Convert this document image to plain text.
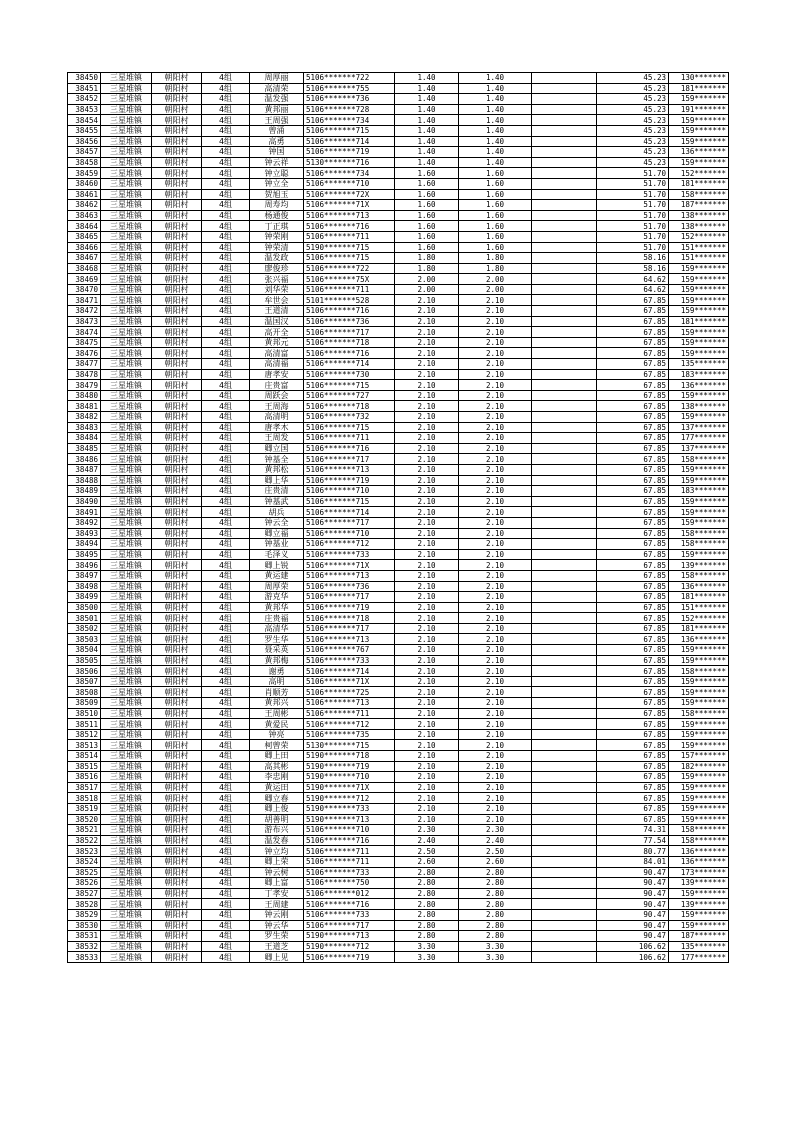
38450	三星堆镇	朝阳村	4组	周厚丽	5106*******722	1.40	1.40		45.23	130*******
38451	三星堆镇	朝阳村	4组	高清荣	5106*******755	1.40	1.40		45.23	181*******
38452	三星堆镇	朝阳村	4组	温发强	5106*******736	1.40	1.40		45.23	159*******
38453	三星堆镇	朝阳村	4组	黄邦丽	5106*******728	1.40	1.40		45.23	191*******
38454	三星堆镇	朝阳村	4组	王周强	5106*******734	1.40	1.40		45.23	159*******
38455	三星堆镇	朝阳村	4组	曾涌	5106*******715	1.40	1.40		45.23	159*******
38456	三星堆镇	朝阳村	4组	高勇	5106*******714	1.40	1.40		45.23	159*******
38457	三星堆镇	朝阳村	4组	钟国	5106*******719	1.40	1.40		45.23	136*******
38458	三星堆镇	朝阳村	4组	钟云祥	5130*******716	1.40	1.40		45.23	159*******
38459	三星堆镇	朝阳村	4组	钟立聪	5106*******734	1.60	1.60		51.70	152*******
38460	三星堆镇	朝阳村	4组	钟立全	5106*******710	1.60	1.60		51.70	181*******
38461	三星堆镇	朝阳村	4组	贺旭玉	5106*******72X	1.60	1.60		51.70	158*******
38462	三星堆镇	朝阳村	4组	周寿均	5106*******71X	1.60	1.60		51.70	187*******
38463	三星堆镇	朝阳村	4组	杨通俊	5106*******713	1.60	1.60		51.70	138*******
38464	三星堆镇	朝阳村	4组	丁正琪	5106*******716	1.60	1.60		51.70	138*******
38465	三星堆镇	朝阳村	4组	钟荣刚	5106*******711	1.60	1.60		51.70	152*******
38466	三星堆镇	朝阳村	4组	钟荣清	5190*******715	1.60	1.60		51.70	151*******
38467	三星堆镇	朝阳村	4组	温发政	5106*******715	1.80	1.80		58.16	151*******
38468	三星堆镇	朝阳村	4组	廖俊珍	5106*******722	1.80	1.80		58.16	159*******
38469	三星堆镇	朝阳村	4组	张兴福	5106*******75X	2.00	2.00		64.62	159*******
38470	三星堆镇	朝阳村	4组	刘华荣	5106*******711	2.00	2.00		64.62	159*******
38471	三星堆镇	朝阳村	4组	牟世会	5101*******528	2.10	2.10		67.85	159*******
38472	三星堆镇	朝阳村	4组	王道清	5106*******716	2.10	2.10		67.85	159*******
38473	三星堆镇	朝阳村	4组	温国汉	5106*******736	2.10	2.10		67.85	181*******
38474	三星堆镇	朝阳村	4组	高开全	5106*******717	2.10	2.10		67.85	159*******
38475	三星堆镇	朝阳村	4组	黄邦元	5106*******718	2.10	2.10		67.85	159*******
38476	三星堆镇	朝阳村	4组	高清富	5106*******716	2.10	2.10		67.85	159*******
38477	三星堆镇	朝阳村	4组	高清福	5106*******714	2.10	2.10		67.85	135*******
38478	三星堆镇	朝阳村	4组	唐孝安	5106*******730	2.10	2.10		67.85	183*******
38479	三星堆镇	朝阳村	4组	庄贵富	5106*******715	2.10	2.10		67.85	136*******
38480	三星堆镇	朝阳村	4组	周跃会	5106*******727	2.10	2.10		67.85	159*******
38481	三星堆镇	朝阳村	4组	王周海	5106*******718	2.10	2.10		67.85	138*******
38482	三星堆镇	朝阳村	4组	高清明	5106*******732	2.10	2.10		67.85	159*******
38483	三星堆镇	朝阳村	4组	唐孝木	5106*******715	2.10	2.10		67.85	137*******
38484	三星堆镇	朝阳村	4组	王周发	5106*******711	2.10	2.10		67.85	177*******
38485	三星堆镇	朝阳村	4组	卿立国	5106*******716	2.10	2.10		67.85	137*******
38486	三星堆镇	朝阳村	4组	钟基全	5106*******717	2.10	2.10		67.85	158*******
38487	三星堆镇	朝阳村	4组	黄邦松	5106*******713	2.10	2.10		67.85	159*******
38488	三星堆镇	朝阳村	4组	卿上华	5106*******719	2.10	2.10		67.85	159*******
38489	三星堆镇	朝阳村	4组	庄贵清	5106*******710	2.10	2.10		67.85	183*******
38490	三星堆镇	朝阳村	4组	钟基武	5106*******715	2.10	2.10		67.85	159*******
38491	三星堆镇	朝阳村	4组	胡兵	5106*******714	2.10	2.10		67.85	159*******
38492	三星堆镇	朝阳村	4组	钟云全	5106*******717	2.10	2.10		67.85	159*******
38493	三星堆镇	朝阳村	4组	卿立福	5106*******710	2.10	2.10		67.85	158*******
38494	三星堆镇	朝阳村	4组	钟基业	5106*******712	2.10	2.10		67.85	158*******
38495	三星堆镇	朝阳村	4组	毛泽义	5106*******733	2.10	2.10		67.85	159*******
38496	三星堆镇	朝阳村	4组	卿上锐	5106*******71X	2.10	2.10		67.85	139*******
38497	三星堆镇	朝阳村	4组	黄运建	5106*******713	2.10	2.10		67.85	158*******
38498	三星堆镇	朝阳村	4组	周厚荣	5106*******736	2.10	2.10		67.85	136*******
38499	三星堆镇	朝阳村	4组	游克华	5106*******717	2.10	2.10		67.85	181*******
38500	三星堆镇	朝阳村	4组	黄邦华	5106*******719	2.10	2.10		67.85	151*******
38501	三星堆镇	朝阳村	4组	庄贵福	5106*******718	2.10	2.10		67.85	152*******
38502	三星堆镇	朝阳村	4组	高清华	5106*******717	2.10	2.10		67.85	181*******
38503	三星堆镇	朝阳村	4组	罗生华	5106*******713	2.10	2.10		67.85	136*******
38504	三星堆镇	朝阳村	4组	聂采英	5106*******767	2.10	2.10		67.85	159*******
38505	三星堆镇	朝阳村	4组	黄邦梅	5106*******733	2.10	2.10		67.85	159*******
38506	三星堆镇	朝阳村	4组	谢勇	5106*******714	2.10	2.10		67.85	158*******
38507	三星堆镇	朝阳村	4组	高明	5106*******71X	2.10	2.10		67.85	159*******
38508	三星堆镇	朝阳村	4组	肖顺芳	5106*******725	2.10	2.10		67.85	159*******
38509	三星堆镇	朝阳村	4组	黄邦兴	5106*******713	2.10	2.10		67.85	159*******
38510	三星堆镇	朝阳村	4组	王周彬	5106*******711	2.10	2.10		67.85	158*******
38511	三星堆镇	朝阳村	4组	黄爱民	5106*******712	2.10	2.10		67.85	159*******
38512	三星堆镇	朝阳村	4组	钟亮	5106*******735	2.10	2.10		67.85	159*******
38513	三星堆镇	朝阳村	4组	柯曾荣	5130*******715	2.10	2.10		67.85	159*******
38514	三星堆镇	朝阳村	4组	卿上田	5190*******718	2.10	2.10		67.85	157*******
38515	三星堆镇	朝阳村	4组	高其彬	5190*******719	2.10	2.10		67.85	182*******
38516	三星堆镇	朝阳村	4组	李忠刚	5190*******710	2.10	2.10		67.85	159*******
38517	三星堆镇	朝阳村	4组	黄运田	5190*******71X	2.10	2.10		67.85	159*******
38518	三星堆镇	朝阳村	4组	卿立春	5190*******712	2.10	2.10		67.85	159*******
38519	三星堆镇	朝阳村	4组	卿上俊	5190*******733	2.10	2.10		67.85	159*******
38520	三星堆镇	朝阳村	4组	胡善明	5190*******713	2.10	2.10		67.85	159*******
38521	三星堆镇	朝阳村	4组	游布兴	5106*******710	2.30	2.30		74.31	158*******
38522	三星堆镇	朝阳村	4组	温发春	5106*******716	2.40	2.40		77.54	158*******
38523	三星堆镇	朝阳村	4组	钟立均	5106*******711	2.50	2.50		80.77	136*******
38524	三星堆镇	朝阳村	4组	卿上荣	5106*******711	2.60	2.60		84.01	136*******
38525	三星堆镇	朝阳村	4组	钟云树	5106*******733	2.80	2.80		90.47	173*******
38526	三星堆镇	朝阳村	4组	卿上富	5106*******750	2.80	2.80		90.47	139*******
38527	三星堆镇	朝阳村	4组	丁孝安	5106*******012	2.80	2.80		90.47	159*******
38528	三星堆镇	朝阳村	4组	王周建	5106*******716	2.80	2.80		90.47	139*******
38529	三星堆镇	朝阳村	4组	钟云刚	5106*******733	2.80	2.80		90.47	159*******
38530	三星堆镇	朝阳村	4组	钟云华	5106*******717	2.80	2.80		90.47	159*******
38531	三星堆镇	朝阳村	4组	罗生荣	5190*******713	2.80	2.80		90.47	187*******
38532	三星堆镇	朝阳村	4组	王道芝	5190*******712	3.30	3.30		106.62	135*******
38533	三星堆镇	朝阳村	4组	卿上见	5106*******719	3.30	3.30		106.62	177*******
